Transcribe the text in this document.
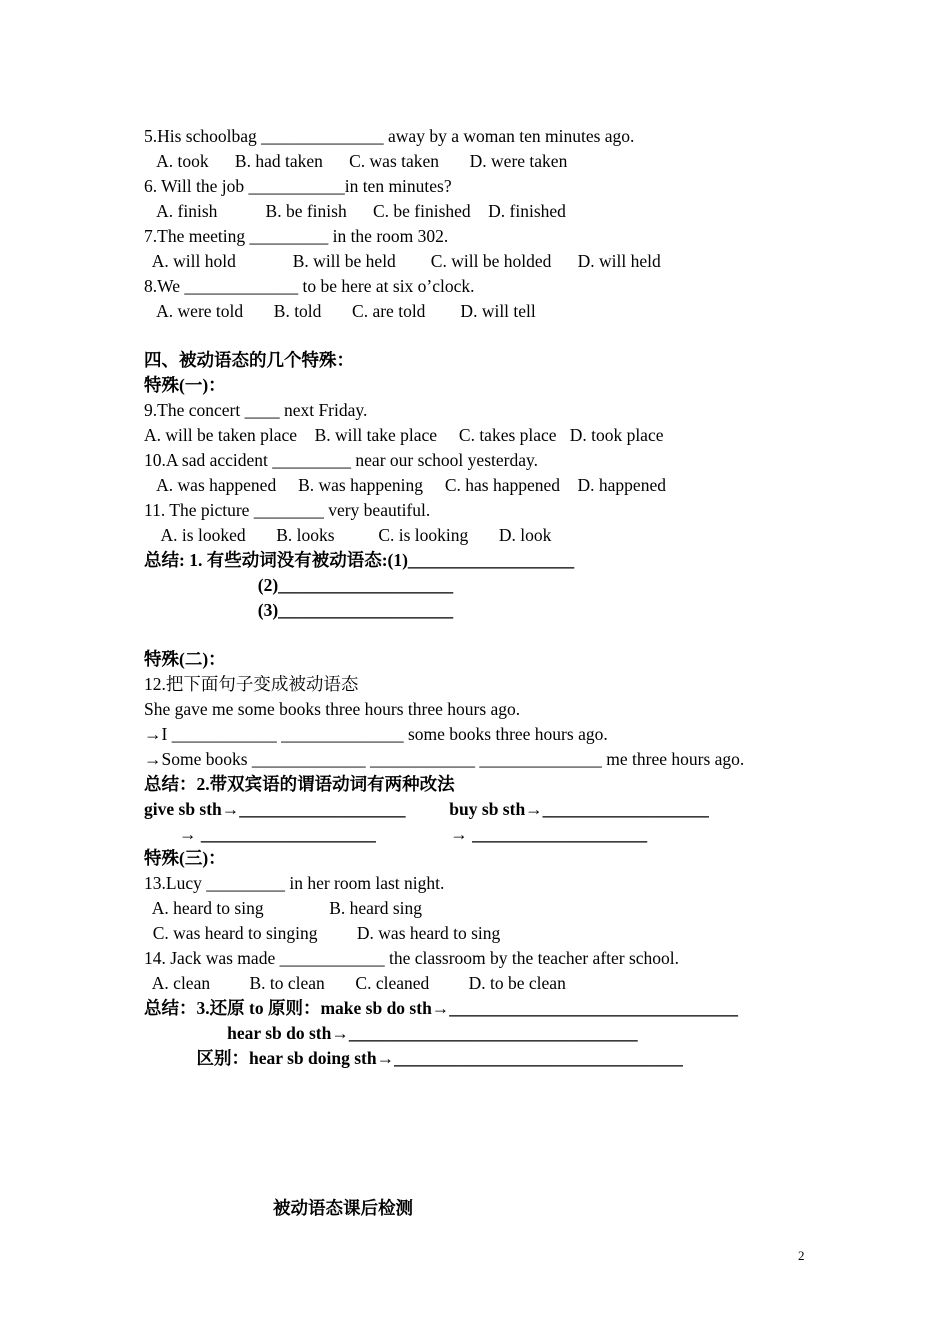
5.His schoolbag ______________ away by a woman ten minutes ago.
A. took      B. had taken      C. was taken       D. were taken
6. Will the job ___________in ten minutes?
A. finish           B. be finish      C. be finished    D. finished
7.The meeting _________ in the room 302.
A. will hold             B. will be held        C. will be holded      D. will held
8.We _____________ to be here at six o’clock.
A. were told       B. told       C. are told        D. will tell
四、被动语态的几个特殊：
特殊(一)：
9.The concert ____ next Friday.
A. will be taken place    B. will take place     C. takes place   D. took place
10.A sad accident _________ near our school yesterday.
A. was happened     B. was happening     C. has happened    D. happened
11. The picture ________ very beautiful.
A. is looked       B. looks          C. is looking       D. look
总结: 1. 有些动词没有被动语态:(1)___________________
(2)____________________
(3)____________________
特殊(二)：
12.把下面句子变成被动语态
She gave me some books three hours three hours ago.
→I ____________ ______________ some books three hours ago.
→Some books _____________ ____________ ______________ me three hours ago.
总结：2.带双宾语的谓语动词有两种改法
give sb sth→___________________          buy sb sth→___________________
→ ____________________                 → ____________________
特殊(三)：
13.Lucy _________ in her room last night.
A. heard to sing               B. heard sing
C. was heard to singing         D. was heard to sing
14. Jack was made ____________ the classroom by the teacher after school.
A. clean         B. to clean       C. cleaned         D. to be clean
总结：3.还原 to 原则：make sb do sth→_________________________________
hear sb do sth→_________________________________
区别：hear sb doing sth→_________________________________
被动语态课后检测
2
